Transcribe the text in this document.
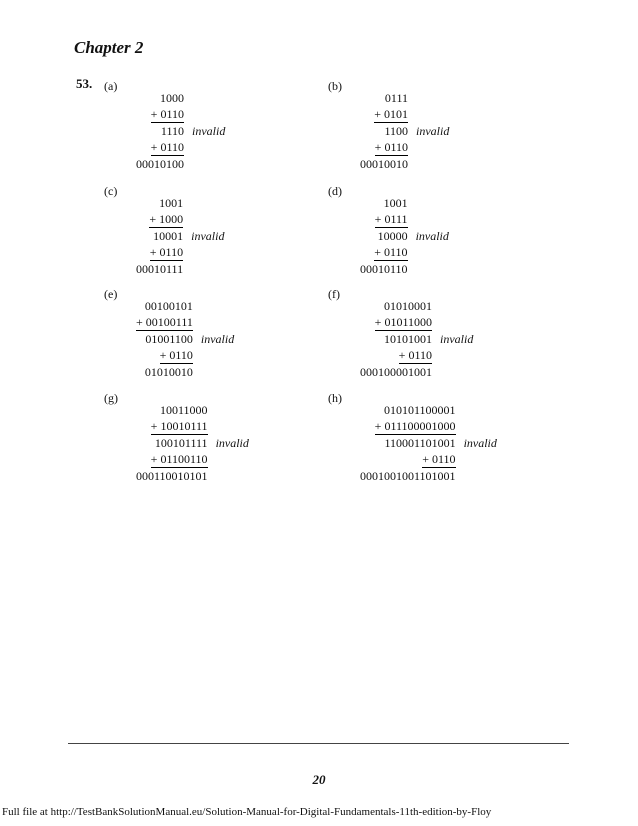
Chapter 2
53. (a)
1000
+ 0110
1110 invalid
+ 0110
00010100
(b)
0111
+ 0101
1100 invalid
+ 0110
00010010
(c)
1001
+ 1000
10001 invalid
+ 0110
00010111
(d)
1001
+ 0111
10000 invalid
+ 0110
00010110
(e)
00100101
+ 00100111
01001100 invalid
+ 0110
01010010
(f)
01010001
+ 01011000
10101001 invalid
+ 0110
000100001001
(g)
10011000
+ 10010111
100101111 invalid
+ 01100110
000110010101
(h)
010101100001
+ 011100001000
110001101001 invalid
+ 0110
0001001001101001
20
Full file at http://TestBankSolutionManual.eu/Solution-Manual-for-Digital-Fundamentals-11th-edition-by-Floy
